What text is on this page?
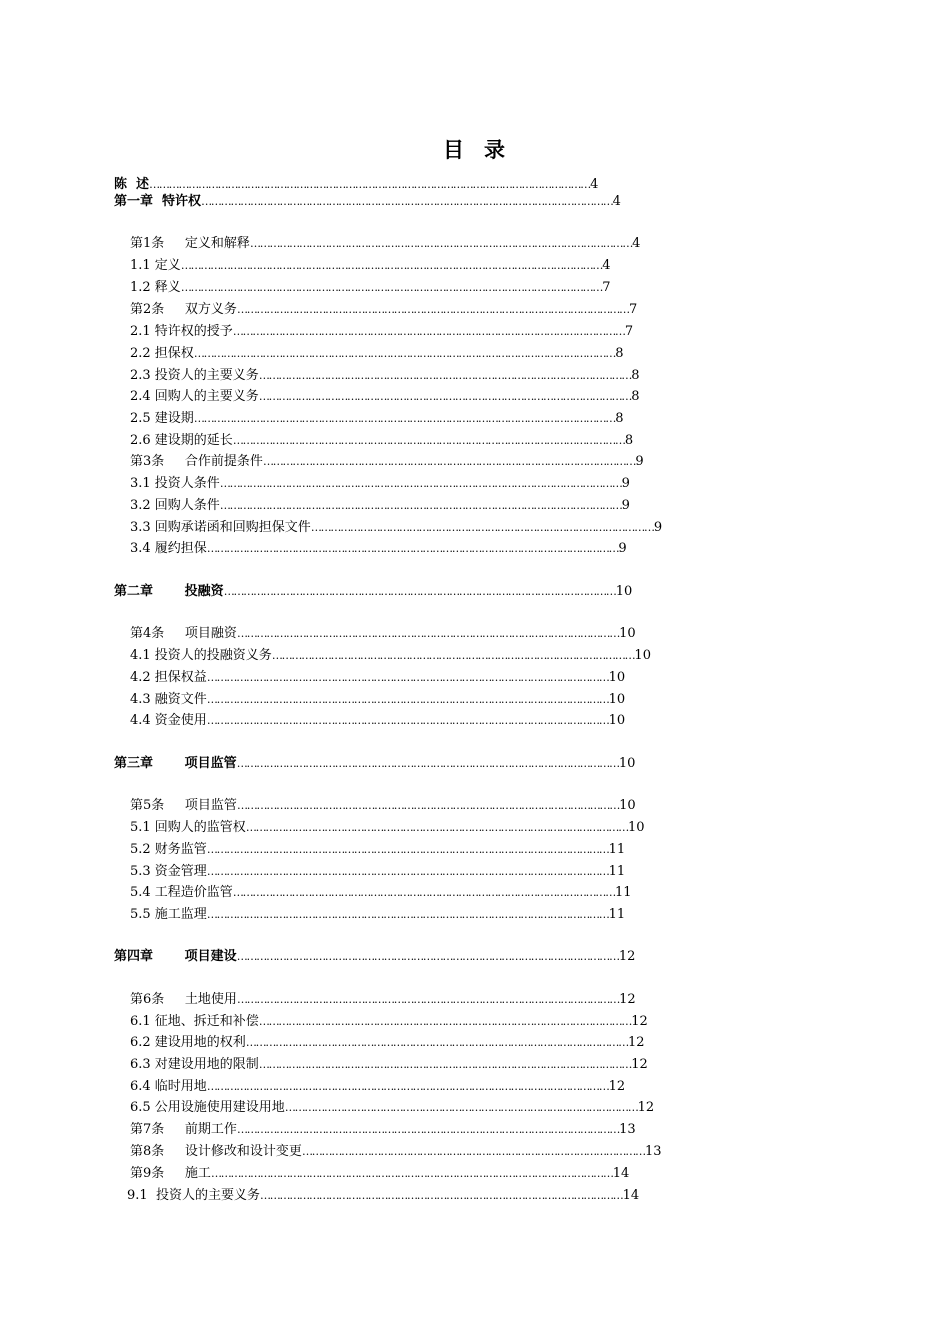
目 录
陈  述………………………………………………………………………………………………………………………4
第一章  特许权………………………………………………………………………………………………………………4
第1条     定义和解释………………………………………………………………………………………………………4
1.1 定义…………………………………………………………………………………………………………………4
1.2 释义…………………………………………………………………………………………………………………7
第2条     双方义务…………………………………………………………………………………………………………7
2.1 特许权的授予…………………………………………………………………………………………………………7
2.2 担保权…………………………………………………………………………………………………………………8
2.3 投资人的主要义务……………………………………………………………………………………………………8
2.4 回购人的主要义务……………………………………………………………………………………………………8
2.5 建设期…………………………………………………………………………………………………………………8
2.6 建设期的延长…………………………………………………………………………………………………………8
第3条     合作前提条件……………………………………………………………………………………………………9
3.1 投资人条件……………………………………………………………………………………………………………9
3.2 回购人条件……………………………………………………………………………………………………………9
3.3 回购承诺函和回购担保文件……………………………………………………………………………………………9
3.4 履约担保………………………………………………………………………………………………………………9
第二章       投融资…………………………………………………………………………………………………………10
第4条     项目融资………………………………………………………………………………………………………10
4.1 投资人的投融资义务…………………………………………………………………………………………………10
4.2 担保权益……………………………………………………………………………………………………………10
4.3 融资文件……………………………………………………………………………………………………………10
4.4 资金使用……………………………………………………………………………………………………………10
第三章       项目监管………………………………………………………………………………………………………10
第5条     项目监管………………………………………………………………………………………………………10
5.1 回购人的监管权………………………………………………………………………………………………………10
5.2 财务监管……………………………………………………………………………………………………………11
5.3 资金管理……………………………………………………………………………………………………………11
5.4 工程造价监管………………………………………………………………………………………………………11
5.5 施工监理……………………………………………………………………………………………………………11
第四章       项目建设………………………………………………………………………………………………………12
第6条     土地使用………………………………………………………………………………………………………12
6.1 征地、拆迁和补偿……………………………………………………………………………………………………12
6.2 建设用地的权利………………………………………………………………………………………………………12
6.3 对建设用地的限制……………………………………………………………………………………………………12
6.4 临时用地……………………………………………………………………………………………………………12
6.5 公用设施使用建设用地………………………………………………………………………………………………12
第7条     前期工作………………………………………………………………………………………………………13
第8条     设计修改和设计变更……………………………………………………………………………………………13
第9条     施工……………………………………………………………………………………………………………14
9.1  投资人的主要义务…………………………………………………………………………………………………14
